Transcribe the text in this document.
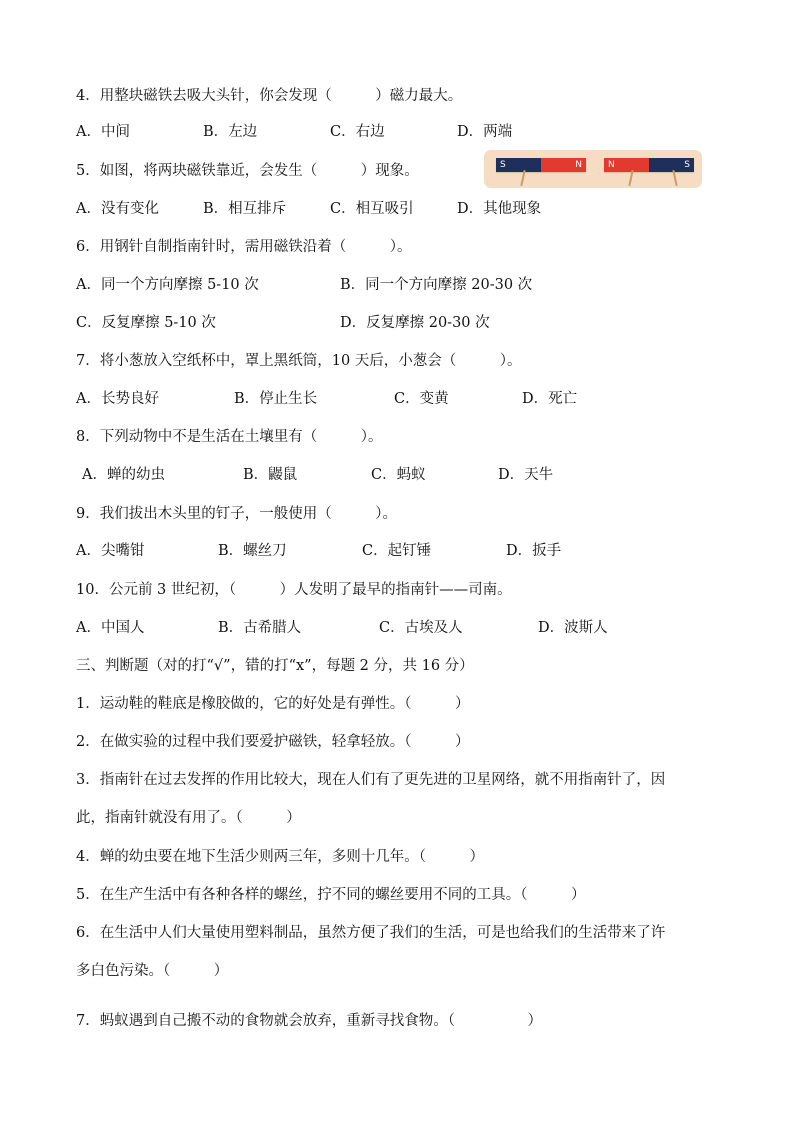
4．用整块磁铁去吸大头针，你会发现（　　　）磁力最大。
A．中间	B．左边	C．右边	D．两端
5．如图，将两块磁铁靠近，会发生（　　　）现象。	S	N	N	S
A．没有变化	B．相互排斥	C．相互吸引	D．其他现象
6．用钢针自制指南针时，需用磁铁沿着（　　　）。
A．同一个方向摩擦 5-10 次	B．同一个方向摩擦 20-30 次
C．反复摩擦 5-10 次	D．反复摩擦 20-30 次
7．将小葱放入空纸杯中，罩上黑纸筒，10 天后，小葱会（　　　）。
A．长势良好	B．停止生长	C．变黄	D．死亡
8．下列动物中不是生活在土壤里有（　　　）。
A．蝉的幼虫	B．鼹鼠	C．蚂蚁	D．天牛
9．我们拔出木头里的钉子，一般使用（　　　）。
A．尖嘴钳	B．螺丝刀	C．起钉锤	D．扳手
10．公元前 3 世纪初，（　　　）人发明了最早的指南针——司南。
A．中国人	B．古希腊人	C．古埃及人	D．波斯人
三、判断题（对的打“√”，错的打“x”，每题 2 分，共 16 分）
1．运动鞋的鞋底是橡胶做的，它的好处是有弹性。（　　　）
2．在做实验的过程中我们要爱护磁铁，轻拿轻放。（　　　）
3．指南针在过去发挥的作用比较大，现在人们有了更先进的卫星网络，就不用指南针了，因
此，指南针就没有用了。（　　　）
4．蝉的幼虫要在地下生活少则两三年，多则十几年。（　　　）
5．在生产生活中有各种各样的螺丝，拧不同的螺丝要用不同的工具。（　　　）
6．在生活中人们大量使用塑料制品，虽然方便了我们的生活，可是也给我们的生活带来了许
多白色污染。（　　　）
7．蚂蚁遇到自己搬不动的食物就会放弃，重新寻找食物。（　　　　　）
